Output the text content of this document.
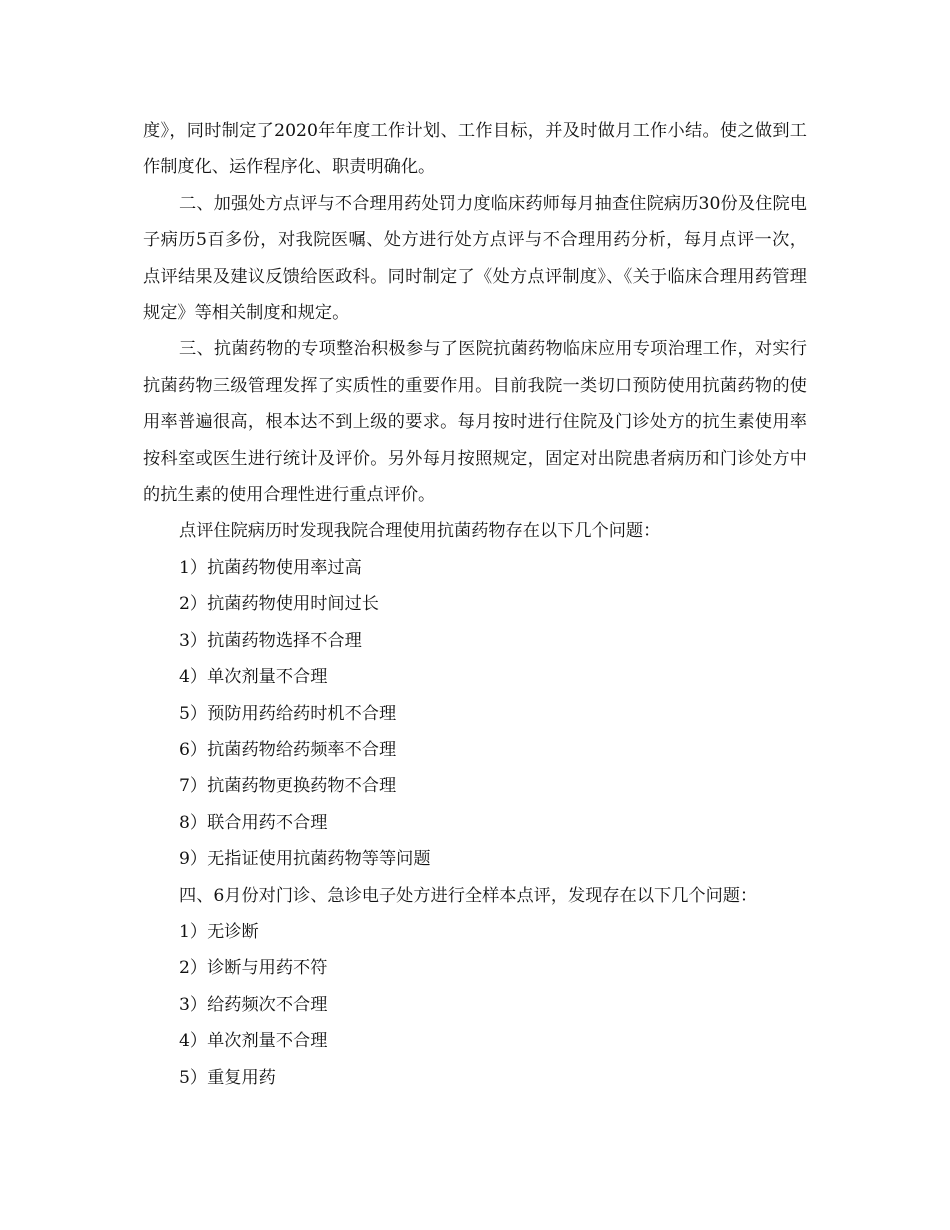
度》，同时制定了2020年年度工作计划、工作目标，并及时做月工作小结。使之做到工作制度化、运作程序化、职责明确化。

二、加强处方点评与不合理用药处罚力度临床药师每月抽查住院病历30份及住院电子病历5百多份，对我院医嘱、处方进行处方点评与不合理用药分析，每月点评一次，点评结果及建议反馈给医政科。同时制定了《处方点评制度》、《关于临床合理用药管理规定》等相关制度和规定。

三、抗菌药物的专项整治积极参与了医院抗菌药物临床应用专项治理工作，对实行抗菌药物三级管理发挥了实质性的重要作用。目前我院一类切口预防使用抗菌药物的使用率普遍很高，根本达不到上级的要求。每月按时进行住院及门诊处方的抗生素使用率按科室或医生进行统计及评价。另外每月按照规定，固定对出院患者病历和门诊处方中的抗生素的使用合理性进行重点评价。

点评住院病历时发现我院合理使用抗菌药物存在以下几个问题：

1）抗菌药物使用率过高

2）抗菌药物使用时间过长

3）抗菌药物选择不合理

4）单次剂量不合理

5）预防用药给药时机不合理

6）抗菌药物给药频率不合理

7）抗菌药物更换药物不合理

8）联合用药不合理

9）无指证使用抗菌药物等等问题

四、6月份对门诊、急诊电子处方进行全样本点评，发现存在以下几个问题：

1）无诊断

2）诊断与用药不符

3）给药频次不合理

4）单次剂量不合理

5）重复用药
